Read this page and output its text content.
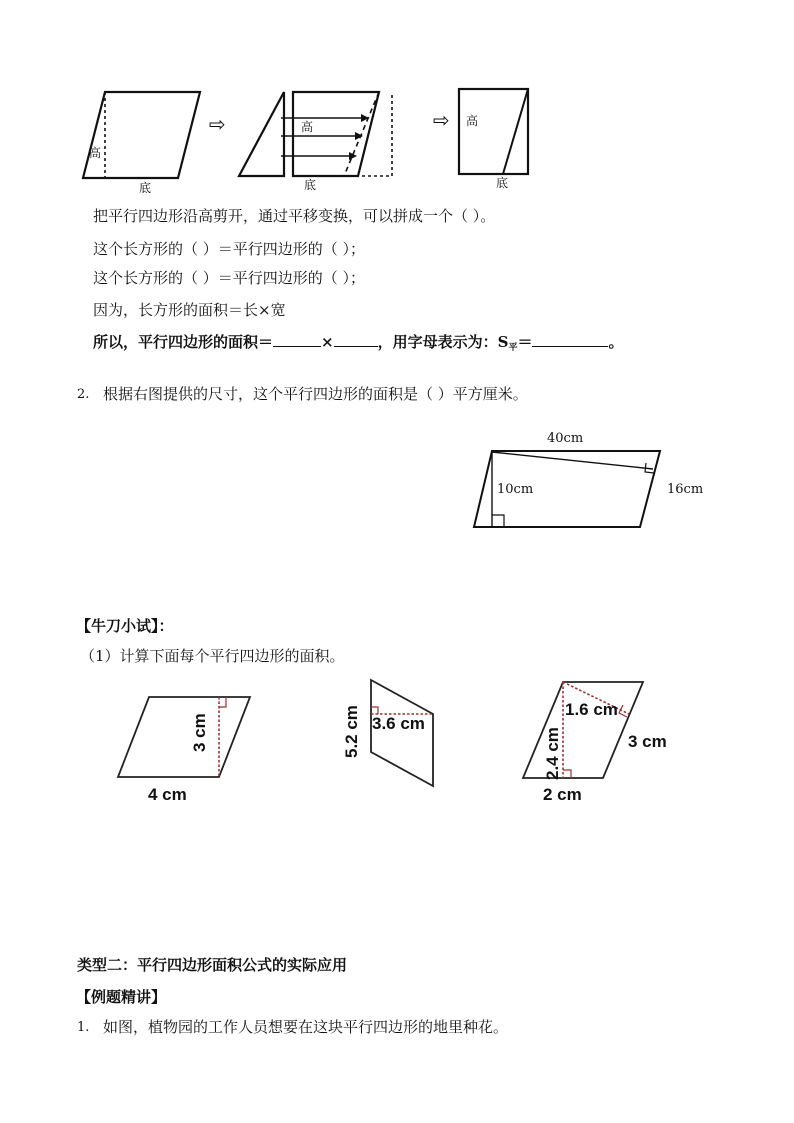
高
底
⇨	高
底
⇨ 高
底
把平行四边形沿高剪开，通过平移变换，可以拼成一个（ ）。
这个长方形的（ ）＝平行四边形的（ ）；
这个长方形的（ ）＝平行四边形的（ ）；
因为，长方形的面积＝长×宽
所以，平行四边形的面积＝	×	，用字母表示为：$S_平=$	。
2. 根据右图提供的尺寸，这个平行四边形的面积是（ ）平方厘米。
40cm
10cm	16cm
【牛刀小试】：
（1）计算下面每个平行四边形的面积。
3 cm
4 cm
5.2 cm 3.6 cm
1.6 cm
3 cm
2.4 cm
2 cm
类型二：平行四边形面积公式的实际应用
【例题精讲】
1. 如图，植物园的工作人员想要在这块平行四边形的地里种花。
